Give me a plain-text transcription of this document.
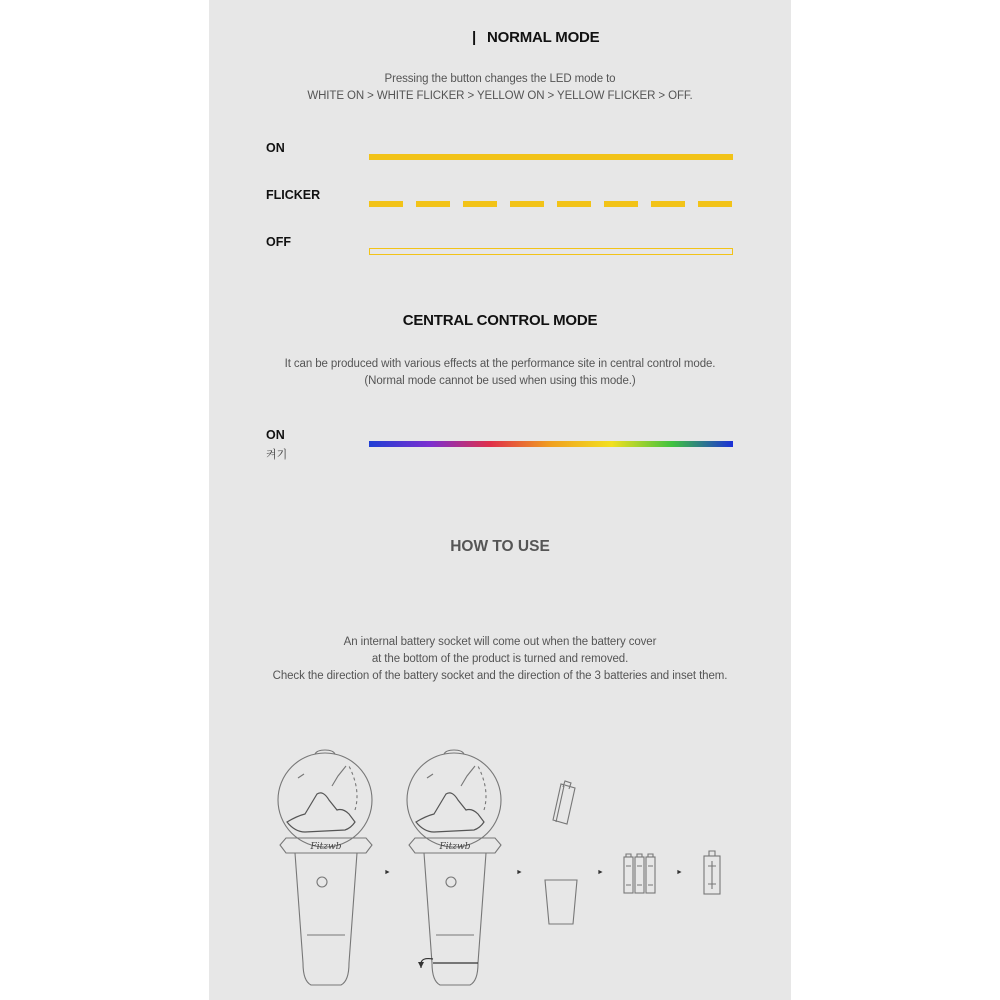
| NORMAL MODE
Pressing the button changes the LED mode to
WHITE ON > WHITE FLICKER > YELLOW ON > YELLOW FLICKER > OFF.
ON
FLICKER
OFF
CENTRAL CONTROL MODE
It can be produced with various effects at the performance site in central control mode.
(Normal mode cannot be used when using this mode.)
ON
켜기
HOW TO USE
An internal battery socket will come out when the battery cover
at the bottom of the product is turned and removed.
Check the direction of the battery socket and the direction of the 3 batteries and inset them.
Fitzwb
►
Fitzwb
►	►	►
